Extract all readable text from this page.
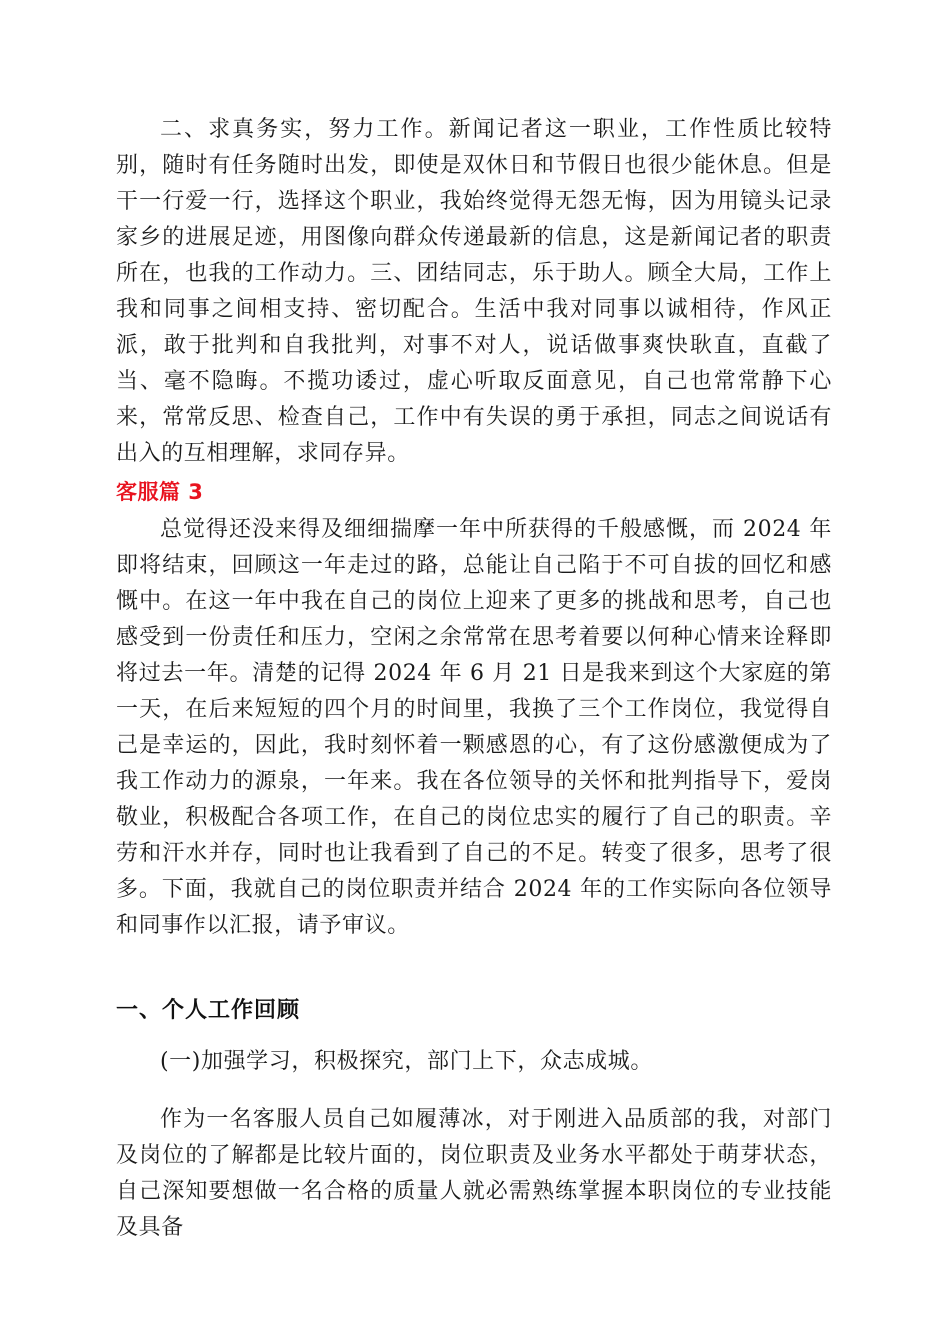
二、求真务实，努力工作。新闻记者这一职业，工作性质比较特别，随时有任务随时出发，即使是双休日和节假日也很少能休息。但是干一行爱一行，选择这个职业，我始终觉得无怨无悔，因为用镜头记录家乡的进展足迹，用图像向群众传递最新的信息，这是新闻记者的职责所在，也我的工作动力。三、团结同志，乐于助人。顾全大局，工作上我和同事之间相支持、密切配合。生活中我对同事以诚相待，作风正派，敢于批判和自我批判，对事不对人，说话做事爽快耿直，直截了当、毫不隐晦。不揽功诿过，虚心听取反面意见，自己也常常静下心来，常常反思、检查自己，工作中有失误的勇于承担，同志之间说话有出入的互相理解，求同存异。

客服篇 3

总觉得还没来得及细细揣摩一年中所获得的千般感慨，而 2024 年即将结束，回顾这一年走过的路，总能让自己陷于不可自拔的回忆和感慨中。在这一年中我在自己的岗位上迎来了更多的挑战和思考，自己也感受到一份责任和压力，空闲之余常常在思考着要以何种心情来诠释即将过去一年。清楚的记得 2024 年 6 月 21 日是我来到这个大家庭的第一天，在后来短短的四个月的时间里，我换了三个工作岗位，我觉得自己是幸运的，因此，我时刻怀着一颗感恩的心，有了这份感激便成为了我工作动力的源泉，一年来。我在各位领导的关怀和批判指导下，爱岗敬业，积极配合各项工作，在自己的岗位忠实的履行了自己的职责。辛劳和汗水并存，同时也让我看到了自己的不足。转变了很多，思考了很多。下面，我就自己的岗位职责并结合 2024 年的工作实际向各位领导和同事作以汇报，请予审议。

一、个人工作回顾

(一)加强学习，积极探究，部门上下，众志成城。

作为一名客服人员自己如履薄冰，对于刚进入品质部的我，对部门及岗位的了解都是比较片面的，岗位职责及业务水平都处于萌芽状态，自己深知要想做一名合格的质量人就必需熟练掌握本职岗位的专业技能及具备
